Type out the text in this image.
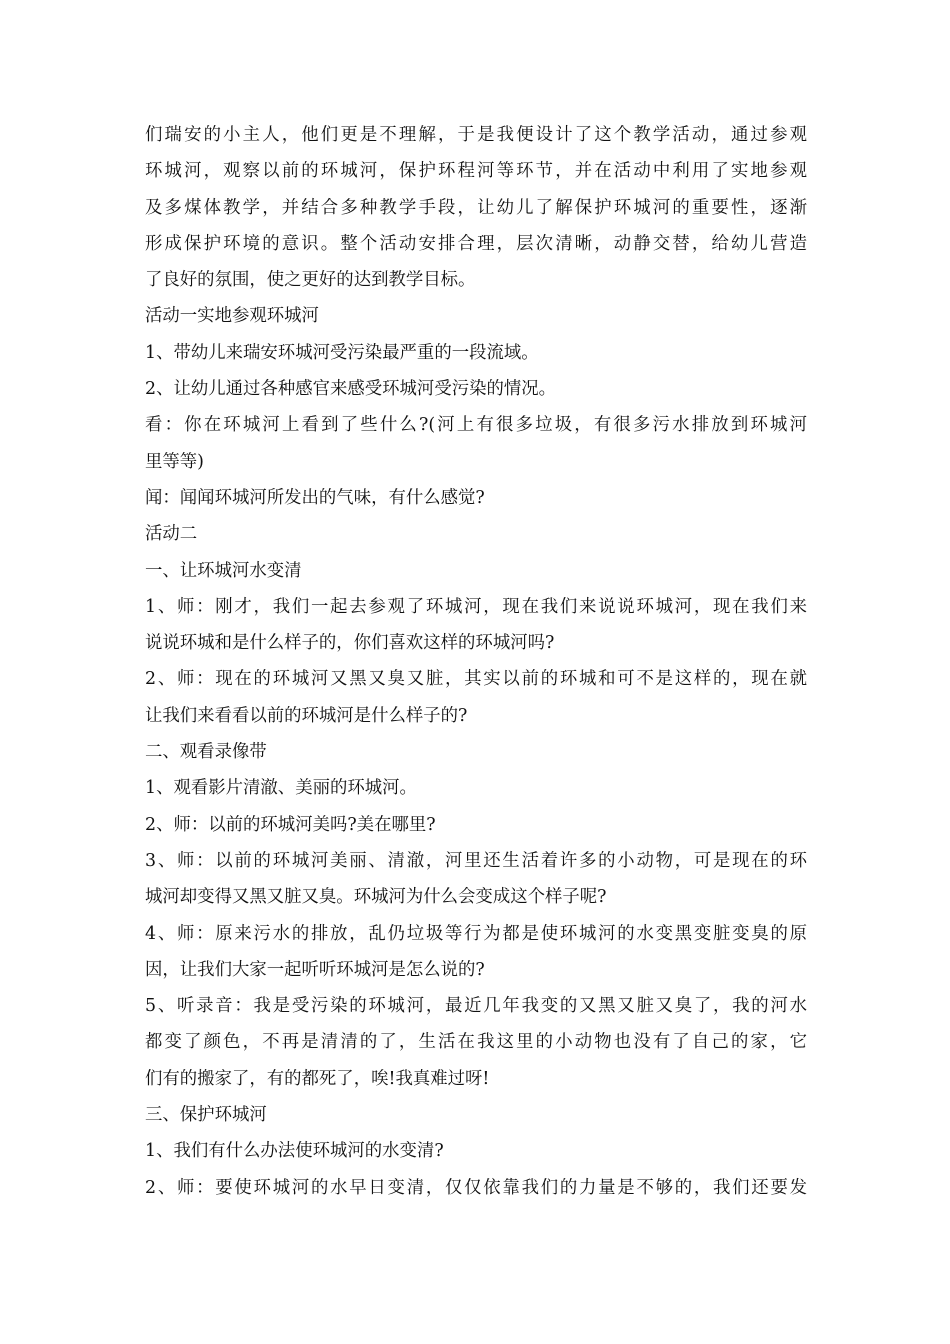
们瑞安的小主人，他们更是不理解，于是我便设计了这个教学活动，通过参观
环城河，观察以前的环城河，保护环程河等环节，并在活动中利用了实地参观
及多煤体教学，并结合多种教学手段，让幼儿了解保护环城河的重要性，逐渐
形成保护环境的意识。整个活动安排合理，层次清晰，动静交替，给幼儿营造
了良好的氛围，使之更好的达到教学目标。
活动一实地参观环城河
1、带幼儿来瑞安环城河受污染最严重的一段流域。
2、让幼儿通过各种感官来感受环城河受污染的情况。
看：你在环城河上看到了些什么?(河上有很多垃圾，有很多污水排放到环城河
里等等)
闻：闻闻环城河所发出的气味，有什么感觉?
活动二
一、让环城河水变清
1、师：刚才，我们一起去参观了环城河，现在我们来说说环城河，现在我们来
说说环城和是什么样子的，你们喜欢这样的环城河吗?
2、师：现在的环城河又黑又臭又脏，其实以前的环城和可不是这样的，现在就
让我们来看看以前的环城河是什么样子的?
二、观看录像带
1、观看影片清澈、美丽的环城河。
2、师：以前的环城河美吗?美在哪里?
3、师：以前的环城河美丽、清澈，河里还生活着许多的小动物，可是现在的环
城河却变得又黑又脏又臭。环城河为什么会变成这个样子呢?
4、师：原来污水的排放，乱仍垃圾等行为都是使环城河的水变黑变脏变臭的原
因，让我们大家一起听听环城河是怎么说的?
5、听录音：我是受污染的环城河，最近几年我变的又黑又脏又臭了，我的河水
都变了颜色，不再是清清的了，生活在我这里的小动物也没有了自己的家，它
们有的搬家了，有的都死了，唉!我真难过呀!
三、保护环城河
1、我们有什么办法使环城河的水变清?
2、师：要使环城河的水早日变清，仅仅依靠我们的力量是不够的，我们还要发
